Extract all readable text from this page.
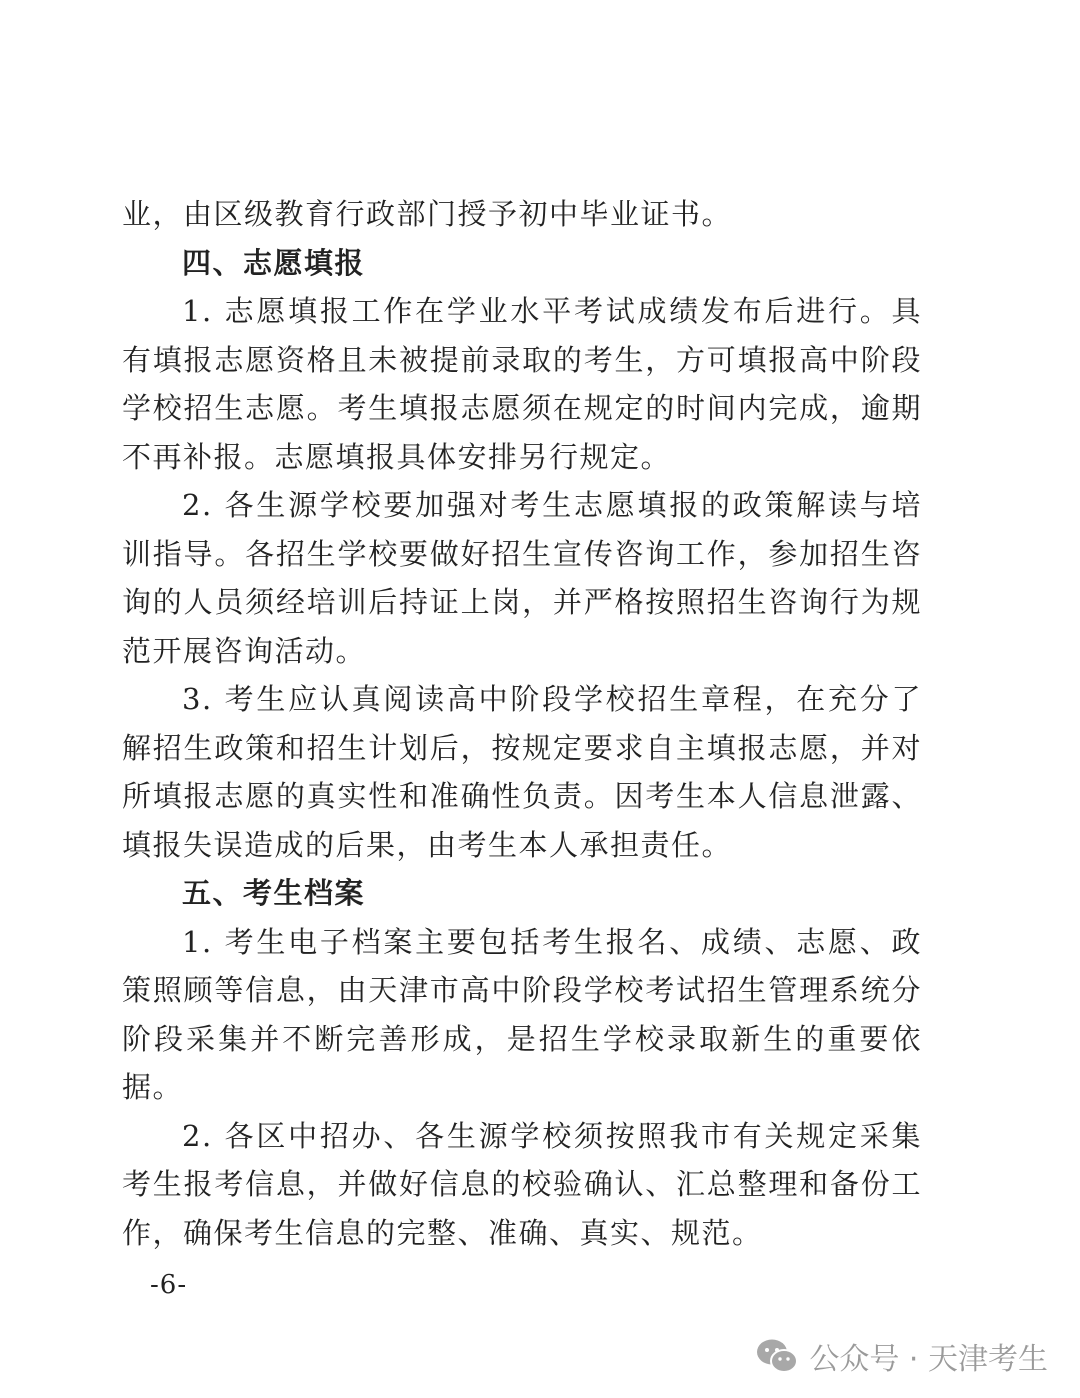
业，由区级教育行政部门授予初中毕业证书。

四、志愿填报

1. 志愿填报工作在学业水平考试成绩发布后进行。具有填报志愿资格且未被提前录取的考生，方可填报高中阶段学校招生志愿。考生填报志愿须在规定的时间内完成，逾期不再补报。志愿填报具体安排另行规定。

2. 各生源学校要加强对考生志愿填报的政策解读与培训指导。各招生学校要做好招生宣传咨询工作，参加招生咨询的人员须经培训后持证上岗，并严格按照招生咨询行为规范开展咨询活动。

3. 考生应认真阅读高中阶段学校招生章程，在充分了解招生政策和招生计划后，按规定要求自主填报志愿，并对所填报志愿的真实性和准确性负责。因考生本人信息泄露、填报失误造成的后果，由考生本人承担责任。

五、考生档案

1. 考生电子档案主要包括考生报名、成绩、志愿、政策照顾等信息，由天津市高中阶段学校考试招生管理系统分阶段采集并不断完善形成，是招生学校录取新生的重要依据。

2. 各区中招办、各生源学校须按照我市有关规定采集考生报考信息，并做好信息的校验确认、汇总整理和备份工作，确保考生信息的完整、准确、真实、规范。

-6-
公众号 · 天津考生
